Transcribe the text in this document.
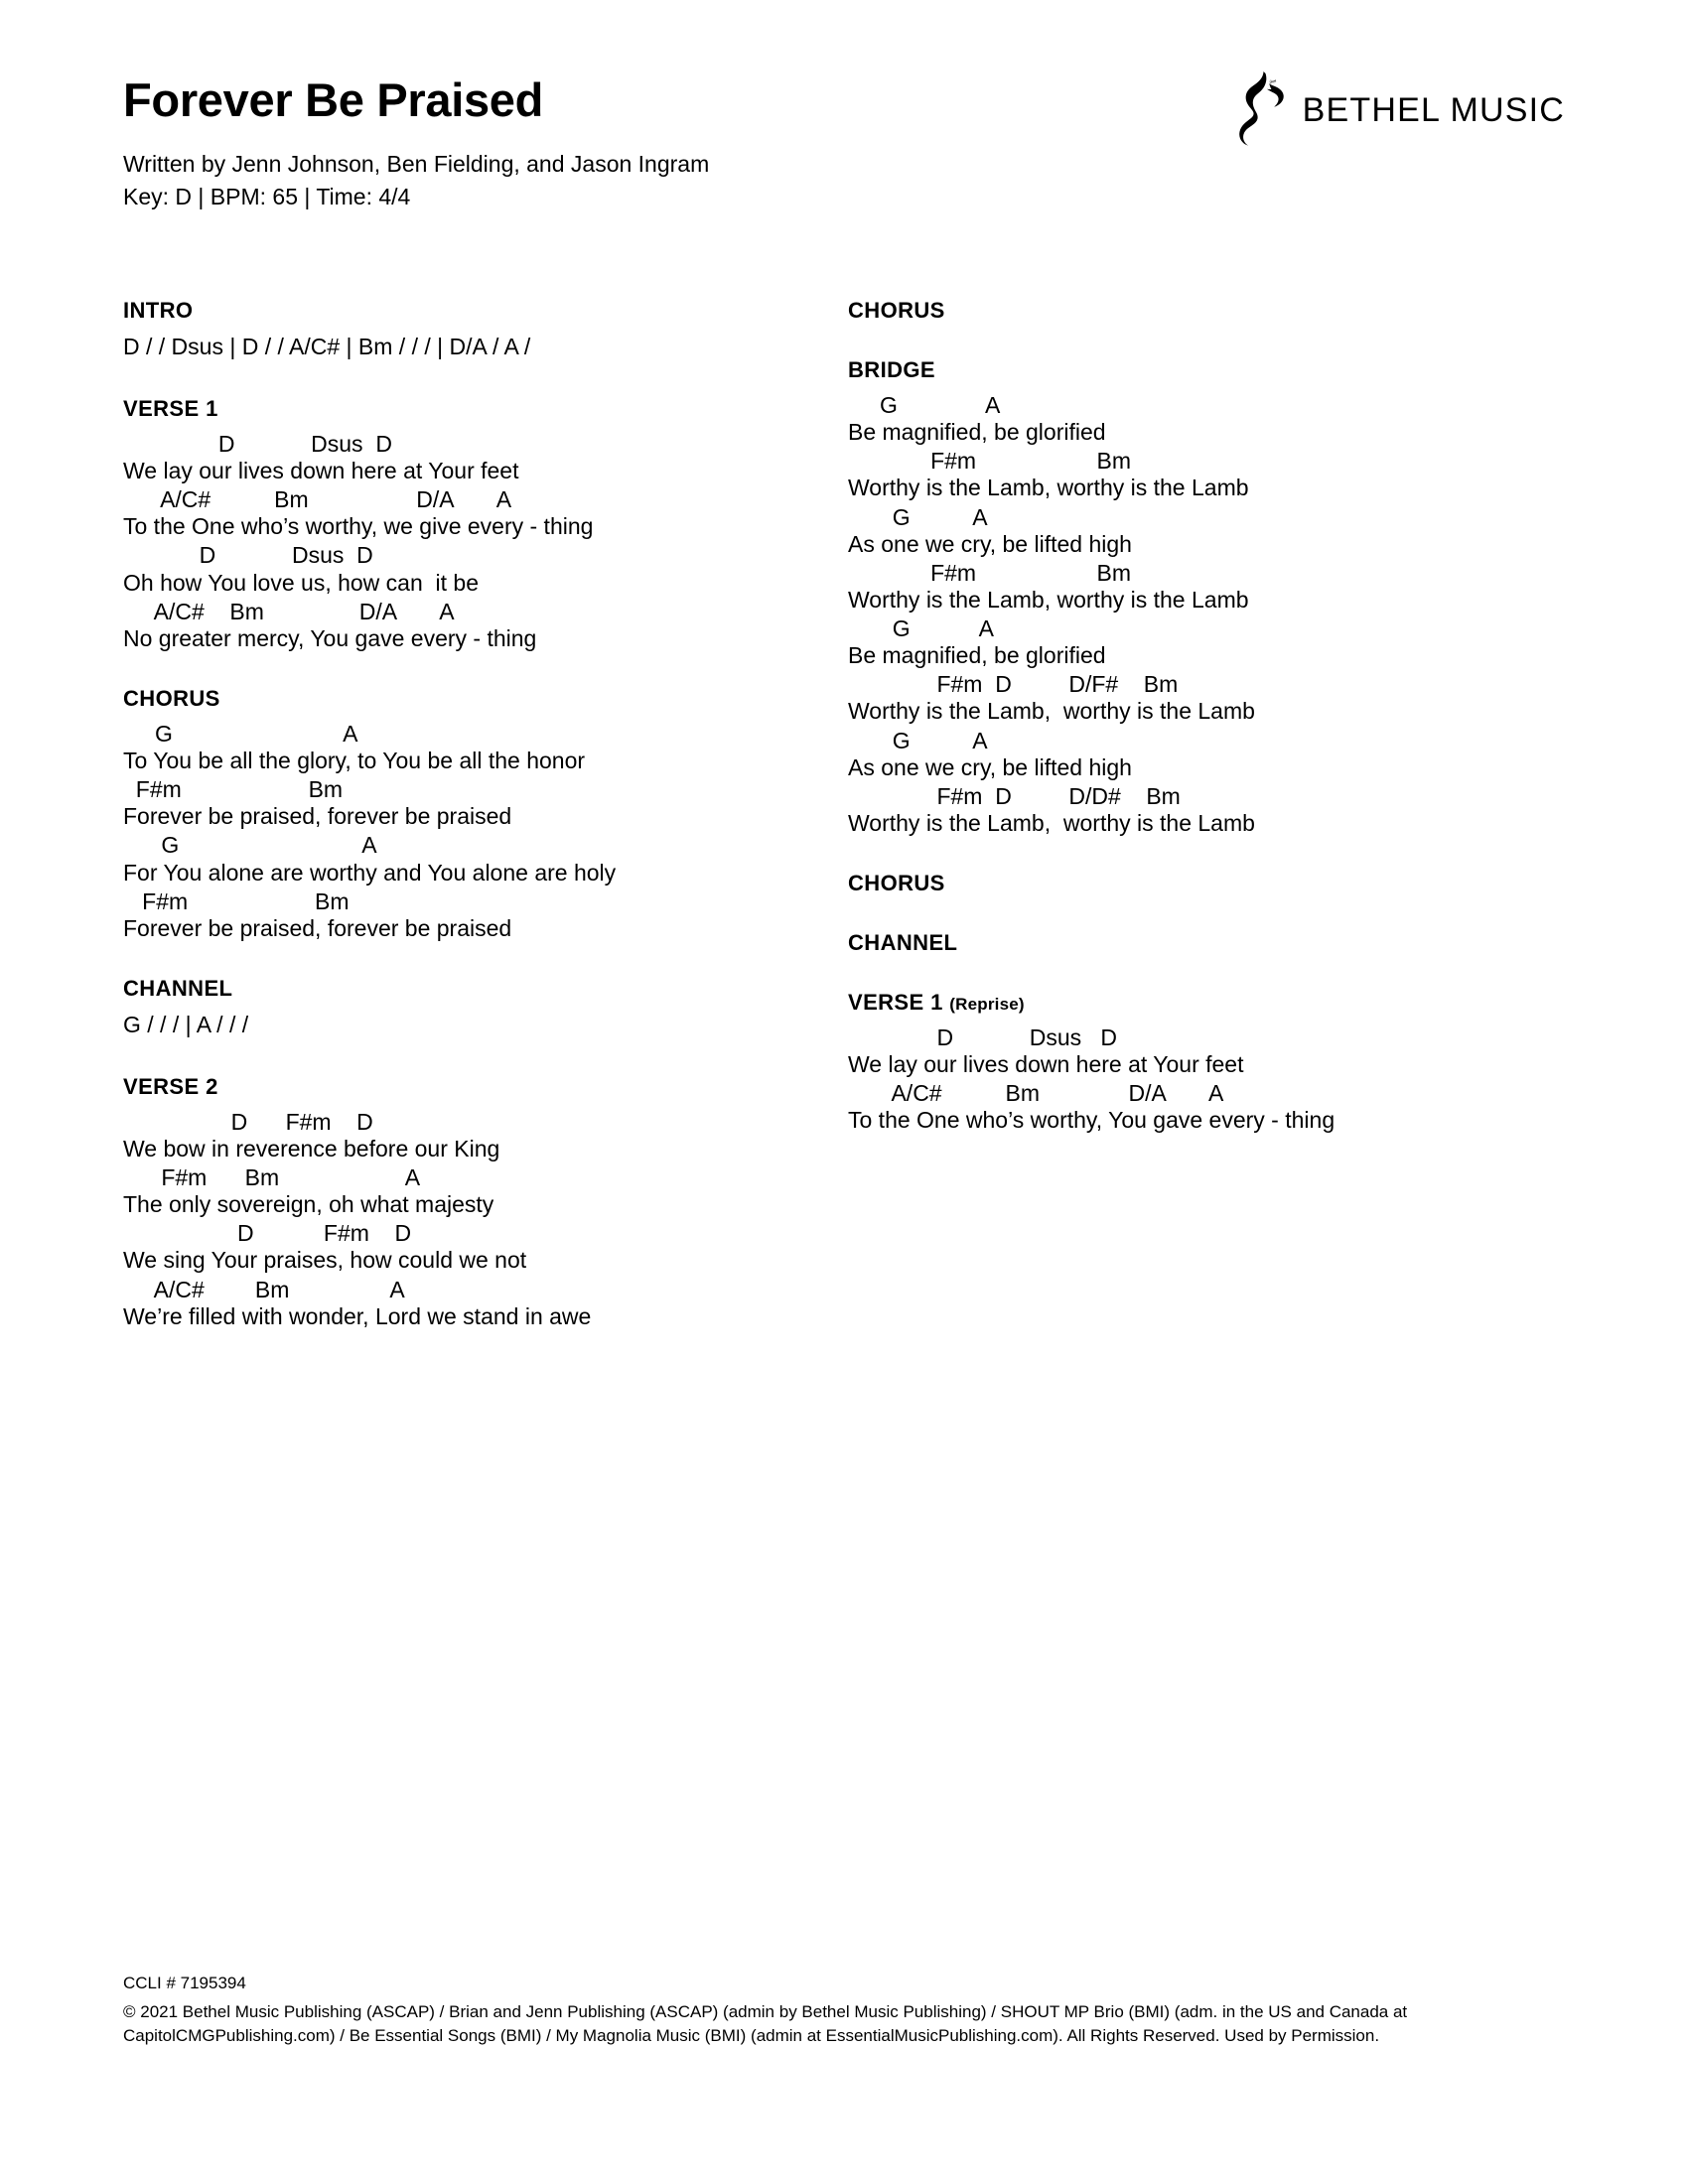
Forever Be Praised
Written by Jenn Johnson, Ben Fielding, and Jason Ingram
Key: D | BPM: 65 | Time: 4/4
BETHEL MUSIC
INTRO
D / / Dsus | D / / A/C# | Bm / / / | D/A / A /
VERSE 1
D            Dsus  D
We lay our lives down here at Your feet
A/C#          Bm                 D/A       A
To the One who’s worthy, we give every - thing
D            Dsus  D
Oh how You love us, how can  it be
A/C#    Bm               D/A       A
No greater mercy, You gave every - thing
CHORUS
G                           A
To You be all the glory, to You be all the honor
F#m                    Bm
Forever be praised, forever be praised
G                             A
For You alone are worthy and You alone are holy
F#m                    Bm
Forever be praised, forever be praised
CHANNEL
G / / / | A / / /
VERSE 2
D      F#m    D
We bow in reverence before our King
F#m      Bm                    A
The only sovereign, oh what majesty
D           F#m    D
We sing Your praises, how could we not
A/C#        Bm                A
We’re filled with wonder, Lord we stand in awe
CHORUS
BRIDGE
G              A
Be magnified, be glorified
F#m                   Bm
Worthy is the Lamb, worthy is the Lamb
G          A
As one we cry, be lifted high
F#m                   Bm
Worthy is the Lamb, worthy is the Lamb
G           A
Be magnified, be glorified
F#m  D         D/F#    Bm
Worthy is the Lamb,  worthy is the Lamb
G          A
As one we cry, be lifted high
F#m  D         D/D#    Bm
Worthy is the Lamb,  worthy is the Lamb
CHORUS
CHANNEL
VERSE 1 (Reprise)
D            Dsus   D
We lay our lives down here at Your feet
A/C#          Bm              D/A       A
To the One who’s worthy, You gave every - thing
CCLI # 7195394
© 2021 Bethel Music Publishing (ASCAP) / Brian and Jenn Publishing (ASCAP) (admin by Bethel Music Publishing) / SHOUT MP Brio (BMI) (adm. in the US and Canada at CapitolCMGPublishing.com) / Be Essential Songs (BMI) / My Magnolia Music (BMI) (admin at EssentialMusicPublishing.com). All Rights Reserved. Used by Permission.
